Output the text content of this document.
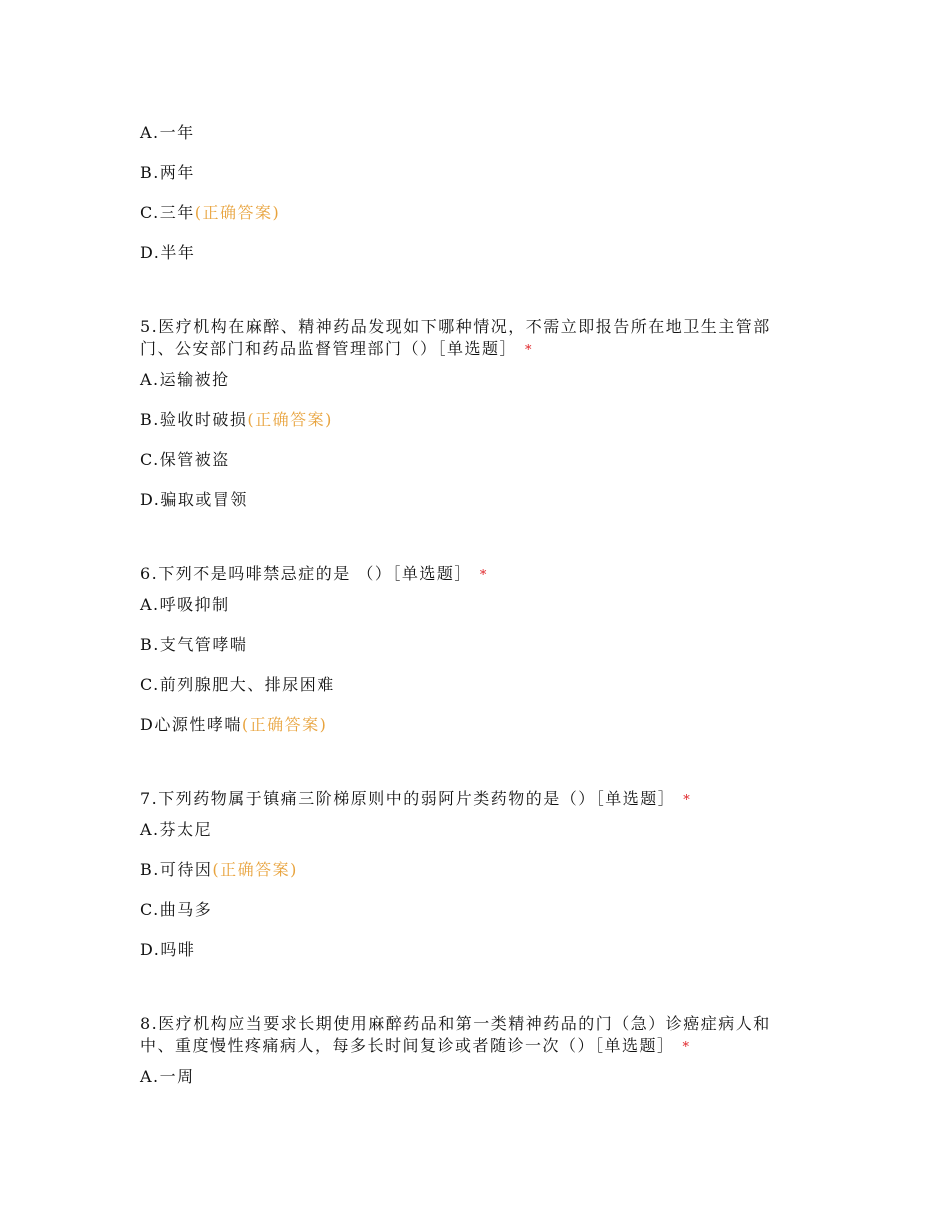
A.一年
B.两年
C.三年(正确答案)
D.半年
5.医疗机构在麻醉、精神药品发现如下哪种情况，不需立即报告所在地卫生主管部
门、公安部门和药品监督管理部门（）［单选题］ *
A.运输被抢
B.验收时破损(正确答案)
C.保管被盗
D.骗取或冒领
6.下列不是吗啡禁忌症的是 （）［单选题］ *
A.呼吸抑制
B.支气管哮喘
C.前列腺肥大、排尿困难
D心源性哮喘(正确答案)
7.下列药物属于镇痛三阶梯原则中的弱阿片类药物的是（）［单选题］ *
A.芬太尼
B.可待因(正确答案)
C.曲马多
D.吗啡
8.医疗机构应当要求长期使用麻醉药品和第一类精神药品的门（急）诊癌症病人和
中、重度慢性疼痛病人，每多长时间复诊或者随诊一次（）［单选题］ *
A.一周
